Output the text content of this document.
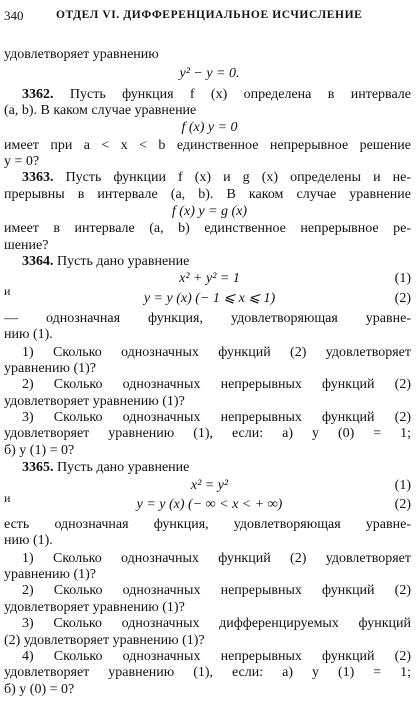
340	ОТДЕЛ VI. ДИФФЕРЕНЦИАЛЬНОЕ ИСЧИСЛЕНИЕ
удовлетворяет уравнению
y² − y = 0.
3362. Пусть функция f (x) определена в интервале
(a, b). В каком случае уравнение
f (x) y = 0
имеет при a < x < b единственное непрерывное решение
y = 0?
3363. Пусть функции f (x) и g (x) определены и не-
прерывны в интервале (a, b). В каком случае уравнение
f (x) y = g (x)
имеет в интервале (a, b) единственное непрерывное ре-
шение?
3364. Пусть дано уравнение
x² + y² = 1	(1)
и	y = y (x) (− 1 ⩽ x ⩽ 1)	(2)
— однозначная функция, удовлетворяющая уравне-
нию (1).
1) Сколько однозначных функций (2) удовлетворяет
уравнению (1)?
2) Сколько однозначных непрерывных функций (2)
удовлетворяет уравнению (1)?
3) Сколько однозначных непрерывных функций (2)
удовлетворяет уравнению (1), если: а) y (0) = 1;
б) y (1) = 0?
3365. Пусть дано уравнение
x² = y²	(1)
и	y = y (x) (− ∞ < x < + ∞)	(2)
есть однозначная функция, удовлетворяющая уравне-
нию (1).
1) Сколько однозначных функций (2) удовлетворяет
уравнению (1)?
2) Сколько однозначных непрерывных функций (2)
удовлетворяет уравнению (1)?
3) Сколько однозначных дифференцируемых функций
(2) удовлетворяет уравнению (1)?
4) Сколько однозначных непрерывных функций (2)
удовлетворяет уравнению (1), если: а) y (1) = 1;
б) y (0) = 0?
